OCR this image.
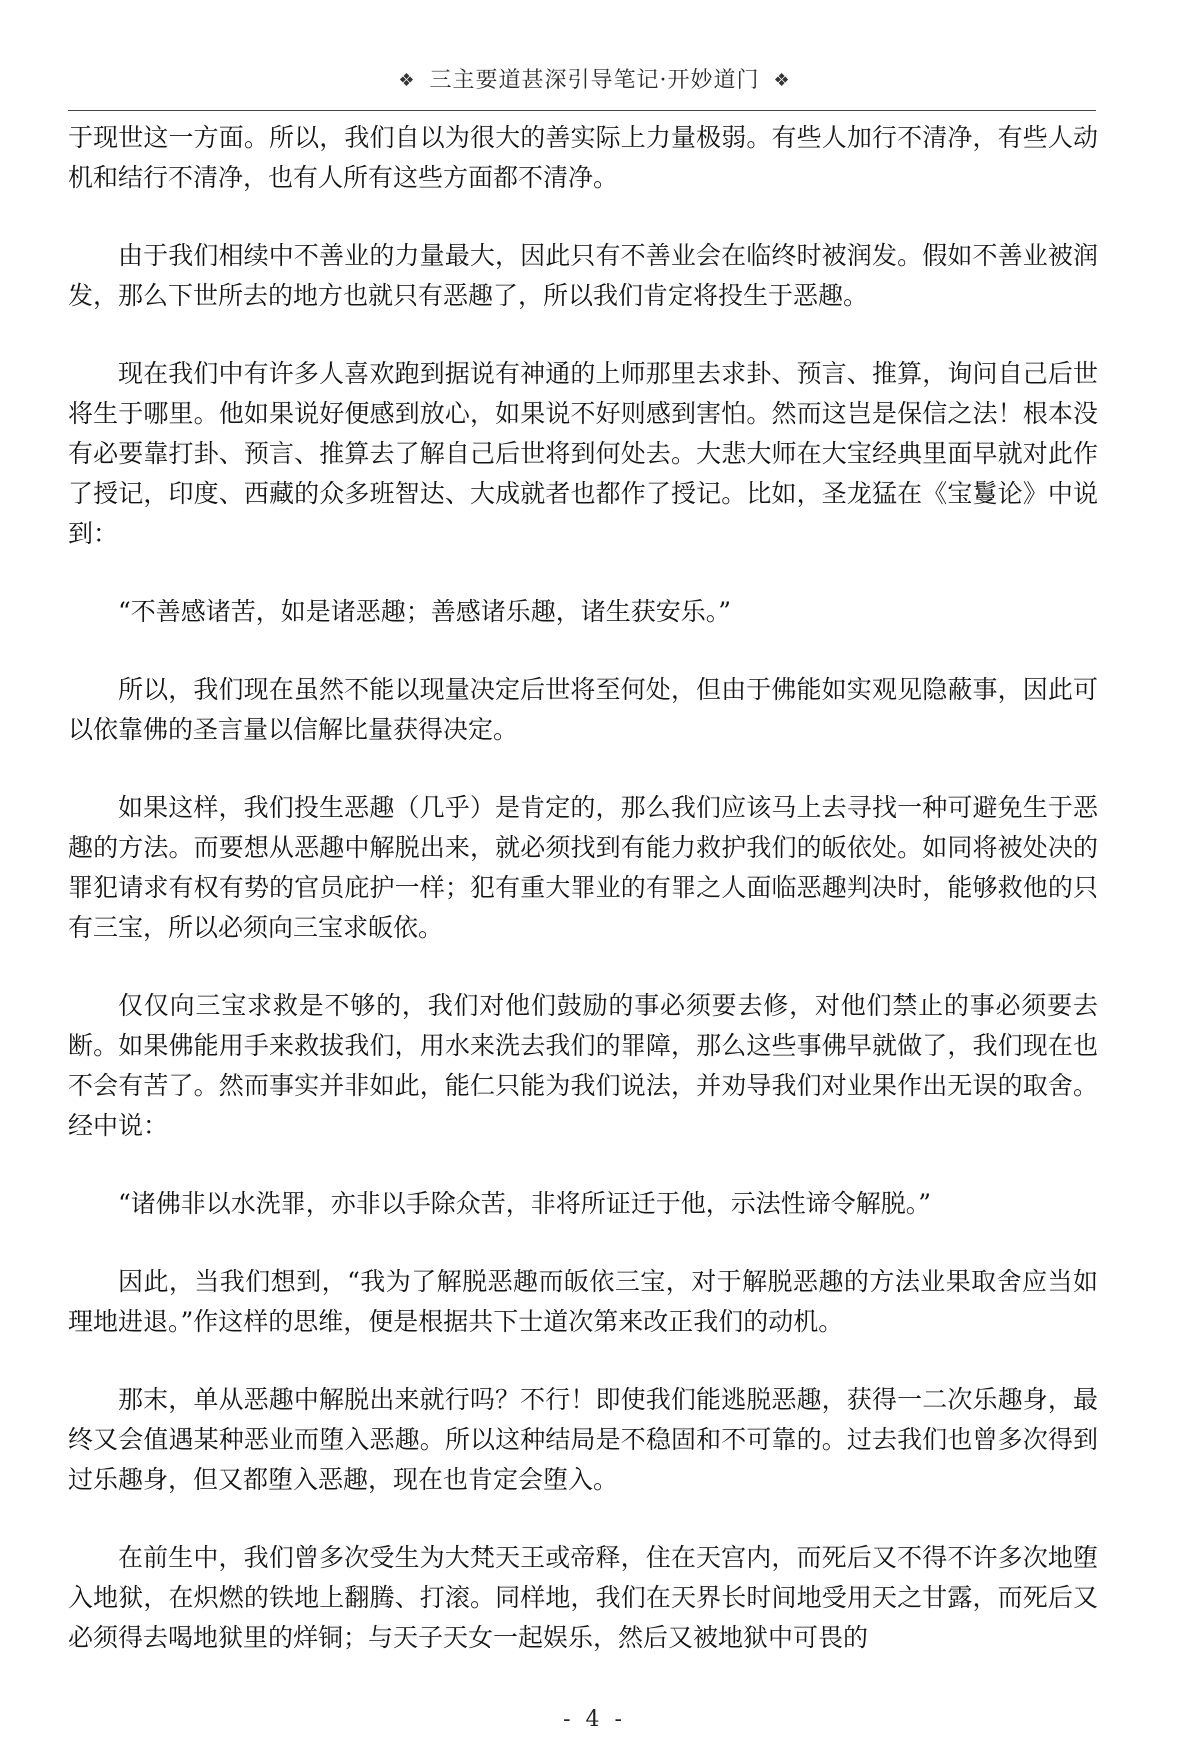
❖ 三主要道甚深引导笔记·开妙道门 ❖

于现世这一方面。所以，我们自以为很大的善实际上力量极弱。有些人加行不清净，有些人动机和结行不清净，也有人所有这些方面都不清净。

由于我们相续中不善业的力量最大，因此只有不善业会在临终时被润发。假如不善业被润发，那么下世所去的地方也就只有恶趣了，所以我们肯定将投生于恶趣。

现在我们中有许多人喜欢跑到据说有神通的上师那里去求卦、预言、推算，询问自己后世将生于哪里。他如果说好便感到放心，如果说不好则感到害怕。然而这岂是保信之法！根本没有必要靠打卦、预言、推算去了解自己后世将到何处去。大悲大师在大宝经典里面早就对此作了授记，印度、西藏的众多班智达、大成就者也都作了授记。比如，圣龙猛在《宝鬘论》中说到：

“不善感诸苦，如是诸恶趣；善感诸乐趣，诸生获安乐。”

所以，我们现在虽然不能以现量决定后世将至何处，但由于佛能如实观见隐蔽事，因此可以依靠佛的圣言量以信解比量获得决定。

如果这样，我们投生恶趣（几乎）是肯定的，那么我们应该马上去寻找一种可避免生于恶趣的方法。而要想从恶趣中解脱出来，就必须找到有能力救护我们的皈依处。如同将被处决的罪犯请求有权有势的官员庇护一样；犯有重大罪业的有罪之人面临恶趣判决时，能够救他的只有三宝，所以必须向三宝求皈依。

仅仅向三宝求救是不够的，我们对他们鼓励的事必须要去修，对他们禁止的事必须要去断。如果佛能用手来救拔我们，用水来洗去我们的罪障，那么这些事佛早就做了，我们现在也不会有苦了。然而事实并非如此，能仁只能为我们说法，并劝导我们对业果作出无误的取舍。经中说：

“诸佛非以水洗罪，亦非以手除众苦，非将所证迁于他，示法性谛令解脱。”

因此，当我们想到，“我为了解脱恶趣而皈依三宝，对于解脱恶趣的方法业果取舍应当如理地进退。”作这样的思维，便是根据共下士道次第来改正我们的动机。

那末，单从恶趣中解脱出来就行吗？不行！即使我们能逃脱恶趣，获得一二次乐趣身，最终又会值遇某种恶业而堕入恶趣。所以这种结局是不稳固和不可靠的。过去我们也曾多次得到过乐趣身，但又都堕入恶趣，现在也肯定会堕入。

在前生中，我们曾多次受生为大梵天王或帝释，住在天宫内，而死后又不得不许多次地堕入地狱，在炽燃的铁地上翻腾、打滚。同样地，我们在天界长时间地受用天之甘露，而死后又必须得去喝地狱里的烊铜；与天子天女一起娱乐，然后又被地狱中可畏的

- 4 -
